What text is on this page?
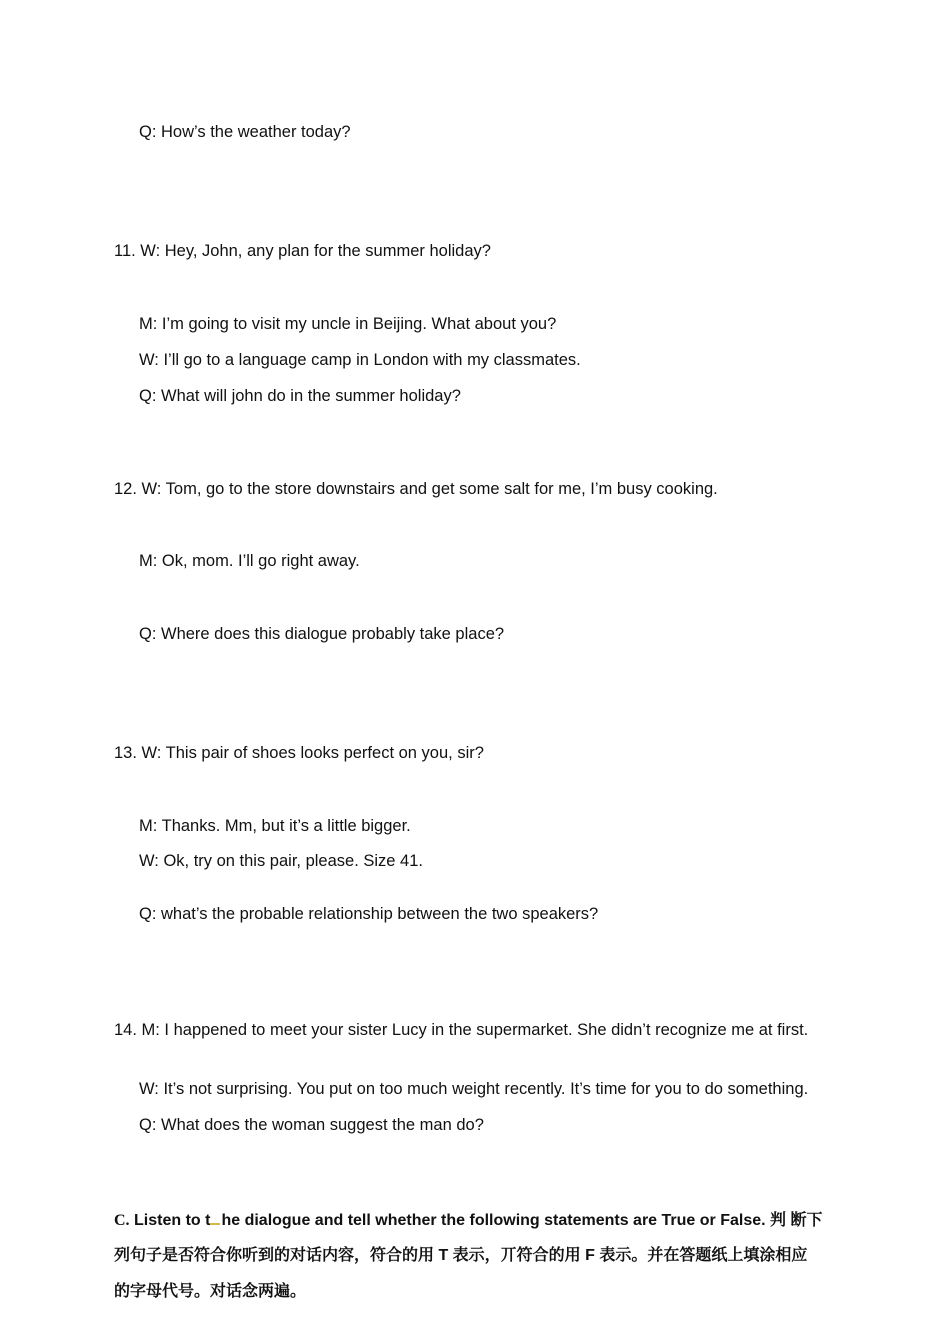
Q: How’s the weather today?
11. W: Hey, John, any plan for the summer holiday?
M: I’m going to visit my uncle in Beijing. What about you?
W: I’ll go to a language camp in London with my classmates.
Q: What will john do in the summer holiday?
12. W: Tom, go to the store downstairs and get some salt for me, I’m busy cooking.
M: Ok, mom. I’ll go right away.
Q: Where does this dialogue probably take place?
13. W: This pair of shoes looks perfect on you, sir?
M: Thanks. Mm, but it’s a little bigger.
W: Ok, try on this pair, please. Size 41.
Q: what’s the probable relationship between the two speakers?
14. M: I happened to meet your sister Lucy in the supermarket. She didn’t recognize me at first.
W: It’s not surprising. You put on too much weight recently. It’s time for you to do something.
Q: What does the woman suggest the man do?
C. Listen to t he dialogue and tell whether the following statements are True or False. 判 断下
列句子是否符合你听到的对话内容，符合的用 T 表示，丌符合的用 F 表示。并在答题纸上填涂相应
的字母代号。对话念两遍。
